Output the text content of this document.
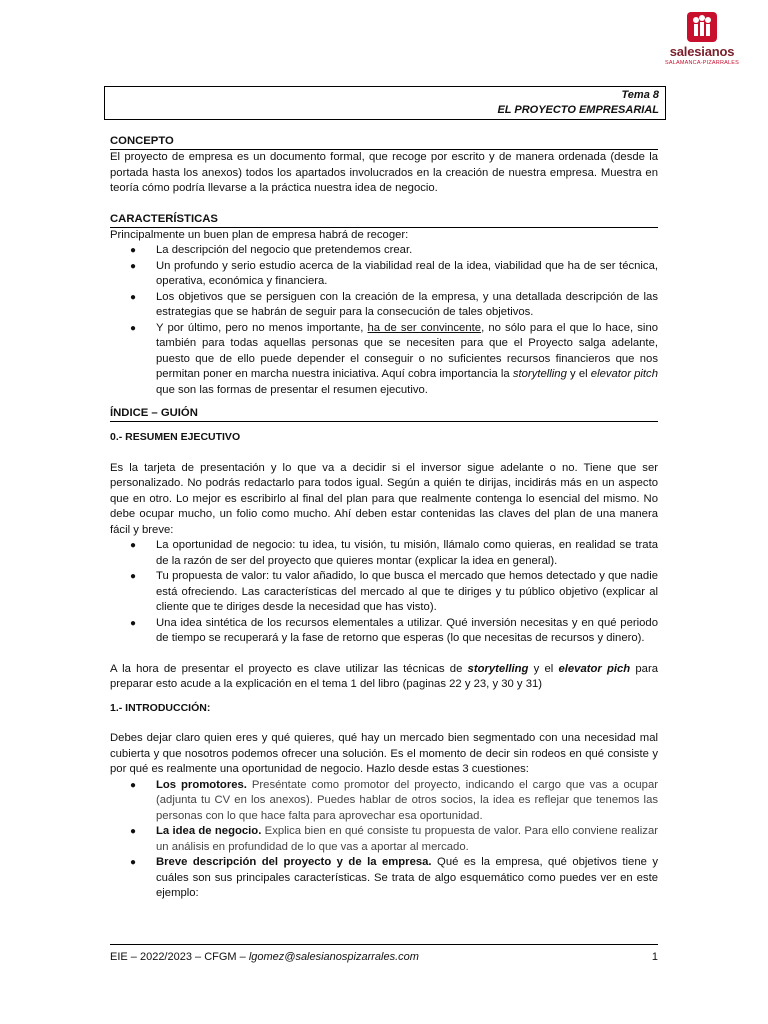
salesianos
SALAMANCA-PIZARRALES
Tema 8
EL PROYECTO EMPRESARIAL
CONCEPTO

El proyecto de empresa es un documento formal, que recoge por escrito y de manera ordenada (desde la portada hasta los anexos) todos los apartados involucrados en la creación de nuestra empresa. Muestra en teoría cómo podría llevarse a la práctica nuestra idea de negocio.

CARACTERÍSTICAS

Principalmente un buen plan de empresa habrá de recoger:

● La descripción del negocio que pretendemos crear.
● Un profundo y serio estudio acerca de la viabilidad real de la idea, viabilidad que ha de ser técnica, operativa, económica y financiera.
● Los objetivos que se persiguen con la creación de la empresa, y una detallada descripción de las estrategias que se habrán de seguir para la consecución de tales objetivos.
● Y por último, pero no menos importante, ha de ser convincente, no sólo para el que lo hace, sino también para todas aquellas personas que se necesiten para que el Proyecto salga adelante, puesto que de ello puede depender el conseguir o no suficientes recursos financieros que nos permitan poner en marcha nuestra iniciativa. Aquí cobra importancia la storytelling y el elevator pitch que son las formas de presentar el resumen ejecutivo.
ÍNDICE – GUIÓN

0.- RESUMEN EJECUTIVO

Es la tarjeta de presentación y lo que va a decidir si el inversor sigue adelante o no. Tiene que ser personalizado. No podrás redactarlo para todos igual. Según a quién te dirijas, incidirás más en un aspecto que en otro. Lo mejor es escribirlo al final del plan para que realmente contenga lo esencial del mismo. No debe ocupar mucho, un folio como mucho. Ahí deben estar contenidas las claves del plan de una manera fácil y breve:

● La oportunidad de negocio: tu idea, tu visión, tu misión, llámalo como quieras, en realidad se trata de la razón de ser del proyecto que quieres montar (explicar la idea en general).
● Tu propuesta de valor: tu valor añadido, lo que busca el mercado que hemos detectado y que nadie está ofreciendo. Las características del mercado al que te diriges y tu público objetivo (explicar al cliente que te diriges desde la necesidad que has visto).
● Una idea sintética de los recursos elementales a utilizar. Qué inversión necesitas y en qué periodo de tiempo se recuperará y la fase de retorno que esperas (lo que necesitas de recursos y dinero).

A la hora de presentar el proyecto es clave utilizar las técnicas de storytelling y el elevator pich para preparar esto acude a la explicación en el tema 1 del libro (paginas 22 y 23, y 30 y 31)

1.- INTRODUCCIÓN:

Debes dejar claro quien eres y qué quieres, qué hay un mercado bien segmentado con una necesidad mal cubierta y que nosotros podemos ofrecer una solución. Es el momento de decir sin rodeos en qué consiste y por qué es realmente una oportunidad de negocio. Hazlo desde estas 3 cuestiones:

● Los promotores. Preséntate como promotor del proyecto, indicando el cargo que vas a ocupar (adjunta tu CV en los anexos). Puedes hablar de otros socios, la idea es reflejar que tenemos las personas con lo que hace falta para aprovechar esa oportunidad.
● La idea de negocio. Explica bien en qué consiste tu propuesta de valor. Para ello conviene realizar un análisis en profundidad de lo que vas a aportar al mercado.
● Breve descripción del proyecto y de la empresa. Qué es la empresa, qué objetivos tiene y cuáles son sus principales características. Se trata de algo esquemático como puedes ver en este ejemplo:
EIE – 2022/2023 – CFGM – lgomez@salesianospizarrales.com	1
